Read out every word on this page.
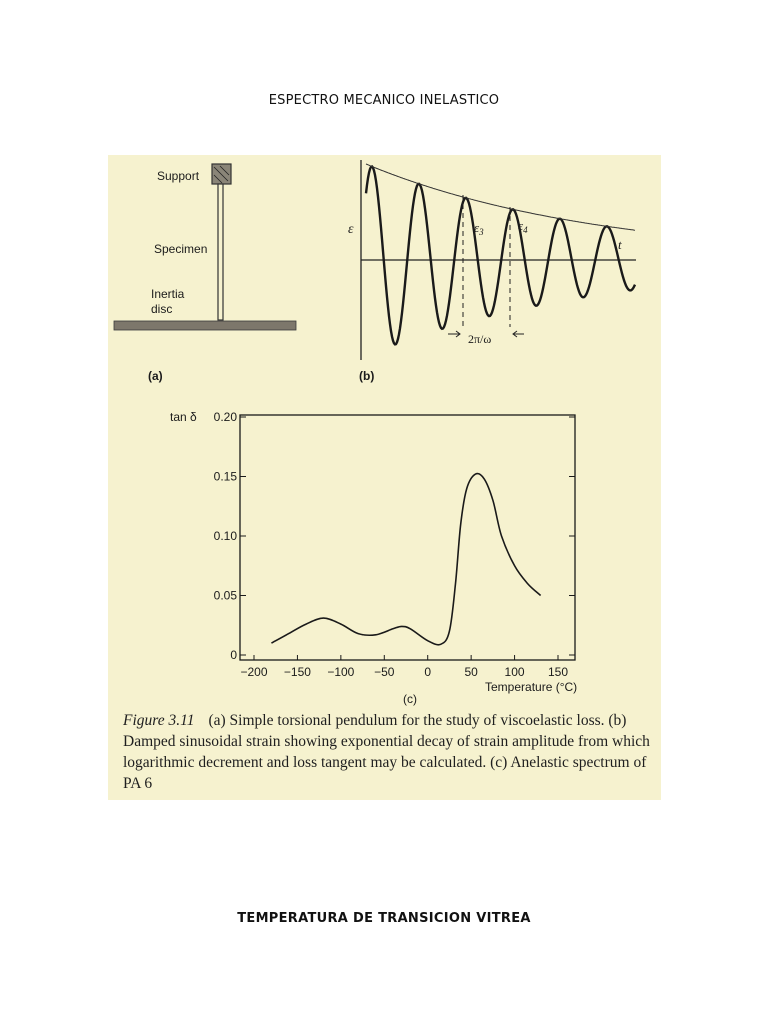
ESPECTRO MECANICO INELASTICO
Support
Specimen
Inertia
disc
(a)
ε	$\varepsilon_3$	$\varepsilon_4$
t
2π/ω
(b)
0.20
0.15
0.10
0.05
0
−200 −150 −100 −50 0	50 100 150
tan δ
Temperature (°C)
(c)
Figure 3.11 (a) Simple torsional pendulum for the study of viscoelastic loss. (b) Damped sinusoidal strain showing exponential decay of strain amplitude from which logarithmic decrement and loss tangent may be calculated. (c) Anelastic spectrum of PA 6
TEMPERATURA DE TRANSICION VITREA
